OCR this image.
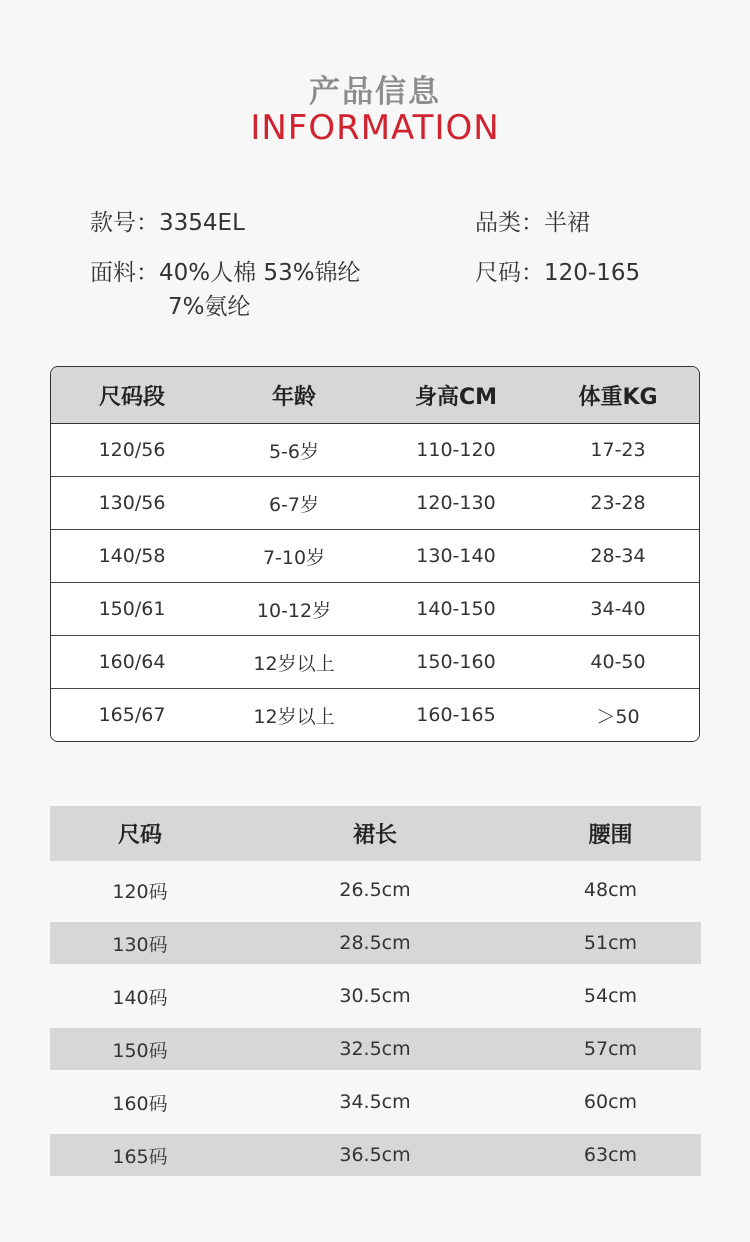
产品信息
INFORMATION
款号：3354EL	品类：半裙
面料：40%人棉 53%锦纶
7%氨纶
尺码：120-165
尺码段	年龄	身高CM	体重KG
120/56	5-6岁	110-120	17-23
130/56	6-7岁	120-130	23-28
140/58	7-10岁	130-140	28-34
150/61	10-12岁	140-150	34-40
160/64	12岁以上	150-160	40-50
165/67	12岁以上	160-165	＞50
尺码	裙长	腰围
120码	26.5cm	48cm
130码	28.5cm	51cm
140码	30.5cm	54cm
150码	32.5cm	57cm
160码	34.5cm	60cm
165码	36.5cm	63cm
